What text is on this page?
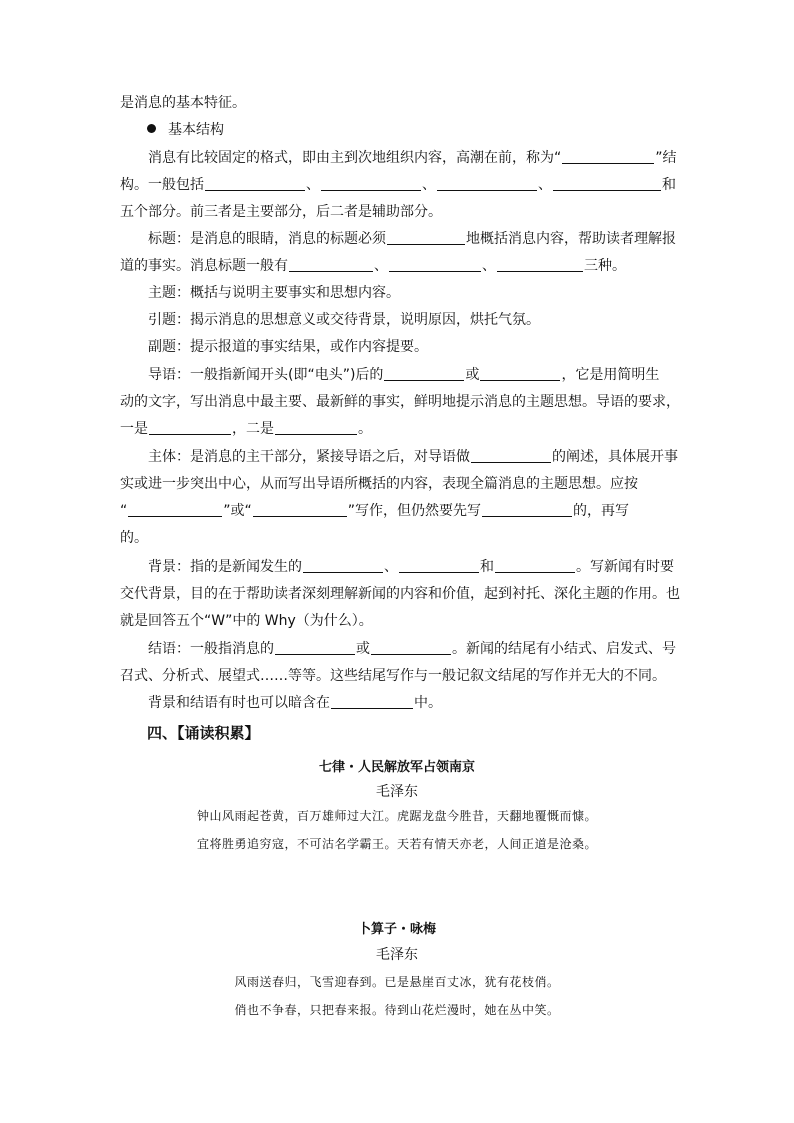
是消息的基本特征。
基本结构
消息有比较固定的格式，即由主到次地组织内容，高潮在前，称为“	”结
构。一般包括	、	、	、	和
五个部分。前三者是主要部分，后二者是辅助部分。
标题：是消息的眼睛，消息的标题必须	地概括消息内容，帮助读者理解报
道的事实。消息标题一般有	、	、	三种。
主题：概括与说明主要事实和思想内容。
引题：揭示消息的思想意义或交待背景，说明原因，烘托气氛。
副题：提示报道的事实结果，或作内容提要。
导语：一般指新闻开头(即“电头”)后的	或	，它是用简明生
动的文字，写出消息中最主要、最新鲜的事实，鲜明地提示消息的主题思想。导语的要求，
一是	，二是	。
主体：是消息的主干部分，紧接导语之后，对导语做	的阐述，具体展开事
实或进一步突出中心，从而写出导语所概括的内容，表现全篇消息的主题思想。应按
“	”或“	”写作，但仍然要先写	的，再写
的。
背景：指的是新闻发生的	、	和	。写新闻有时要
交代背景，目的在于帮助读者深刻理解新闻的内容和价值，起到衬托、深化主题的作用。也
就是回答五个“W”中的 Why（为什么）。
结语：一般指消息的	或	。新闻的结尾有小结式、启发式、号
召式、分析式、展望式……等等。这些结尾写作与一般记叙文结尾的写作并无大的不同。
背景和结语有时也可以暗含在	中。
四、【诵读积累】
七律・人民解放军占领南京
毛泽东
钟山风雨起苍黄，百万雄师过大江。虎踞龙盘今胜昔，天翻地覆慨而慷。
宜将胜勇追穷寇，不可沽名学霸王。天若有情天亦老，人间正道是沧桑。
卜算子・咏梅
毛泽东
风雨送春归，飞雪迎春到。已是悬崖百丈冰，犹有花枝俏。
俏也不争春，只把春来报。待到山花烂漫时，她在丛中笑。
